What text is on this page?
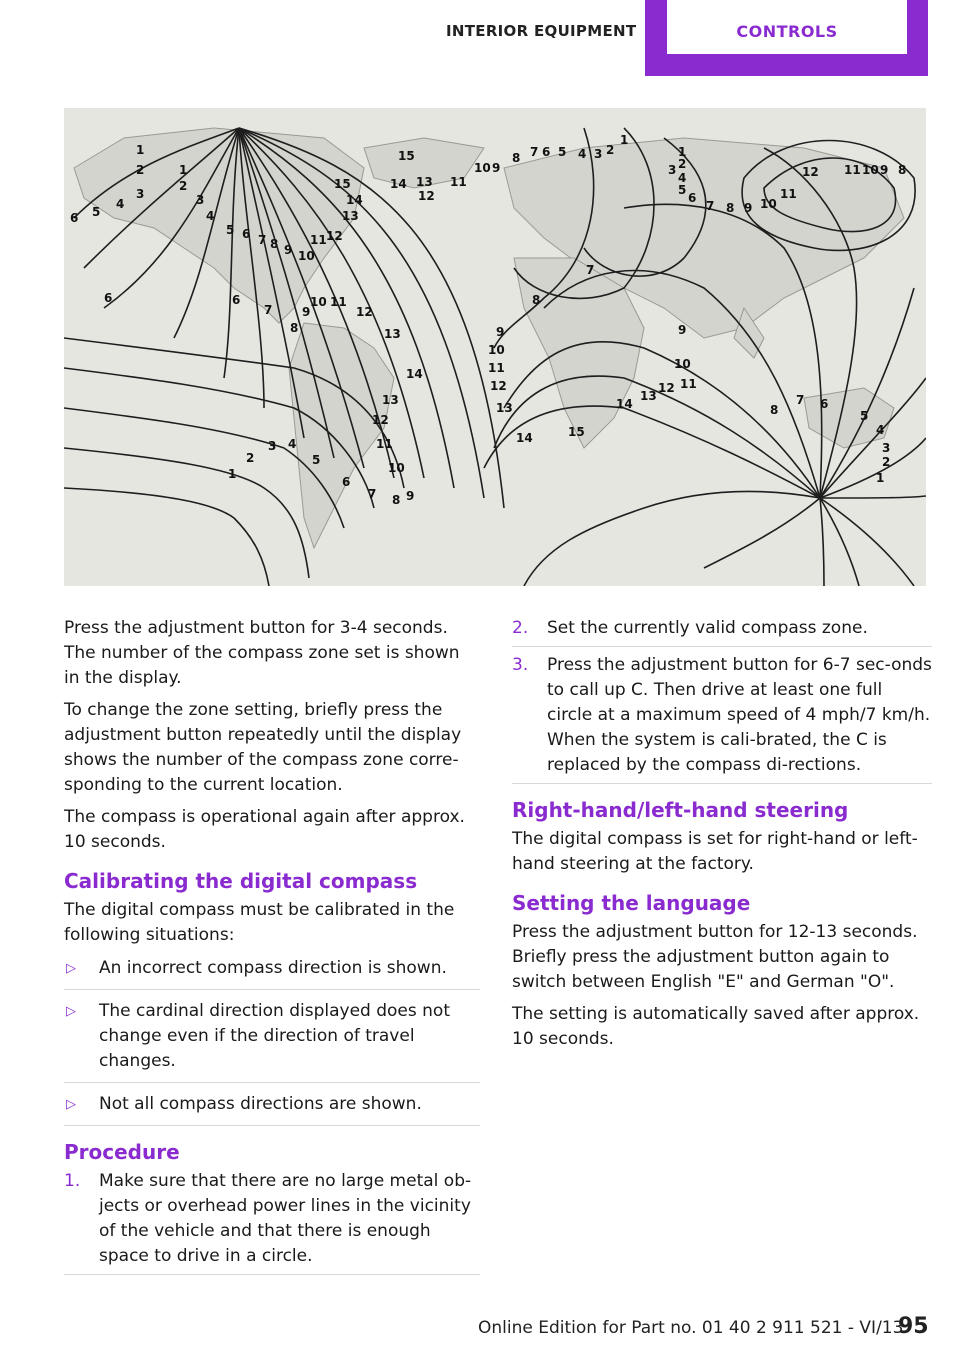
INTERIOR EQUIPMENT	CONTROLS
1
2
3
1
2
3
4
5 6 7 8 9 10
11 12
13
14
15
15
14 13
12
11
6 5
4
6	6
7
8
9
10 11
12
13
14
13
12
11
10
9
8
7
6
5
4
3
2
1
10 9
8 7 6 5 4 3 2
1
1
2
3
4
5
6
7 8 9 10
11
12 11 10 9 8
7
8
9
10
11
12
13
14	15
14
13
12 11
10
9
8
7 6
5
4
3
2
1

Press the adjustment button for 3-4 seconds. The number of the compass zone set is shown in the display.

To change the zone setting, briefly press the adjustment button repeatedly until the display shows the number of the compass zone corre‐sponding to the current location.

The compass is operational again after approx. 10 seconds.

Calibrating the digital compass

The digital compass must be calibrated in the following situations:

▷ An incorrect compass direction is shown.
▷ The cardinal direction displayed does not change even if the direction of travel changes.
▷ Not all compass directions are shown.
Procedure
1. Make sure that there are no large metal ob‐jects or overhead power lines in the vicinity of the vehicle and that there is enough space to drive in a circle.
2. Set the currently valid compass zone.
3. Press the adjustment button for 6-7 sec‐onds to call up C. Then drive at least one full circle at a maximum speed of 4 mph/7 km/h. When the system is cali‐brated, the C is replaced by the compass di‐rections.
Right-hand/left-hand steering

The digital compass is set for right-hand or left-hand steering at the factory.

Setting the language

Press the adjustment button for 12-13 seconds. Briefly press the adjustment button again to switch between English "E" and German "O".

The setting is automatically saved after approx. 10 seconds.

Online Edition for Part no. 01 40 2 911 521 - VI/13
95
